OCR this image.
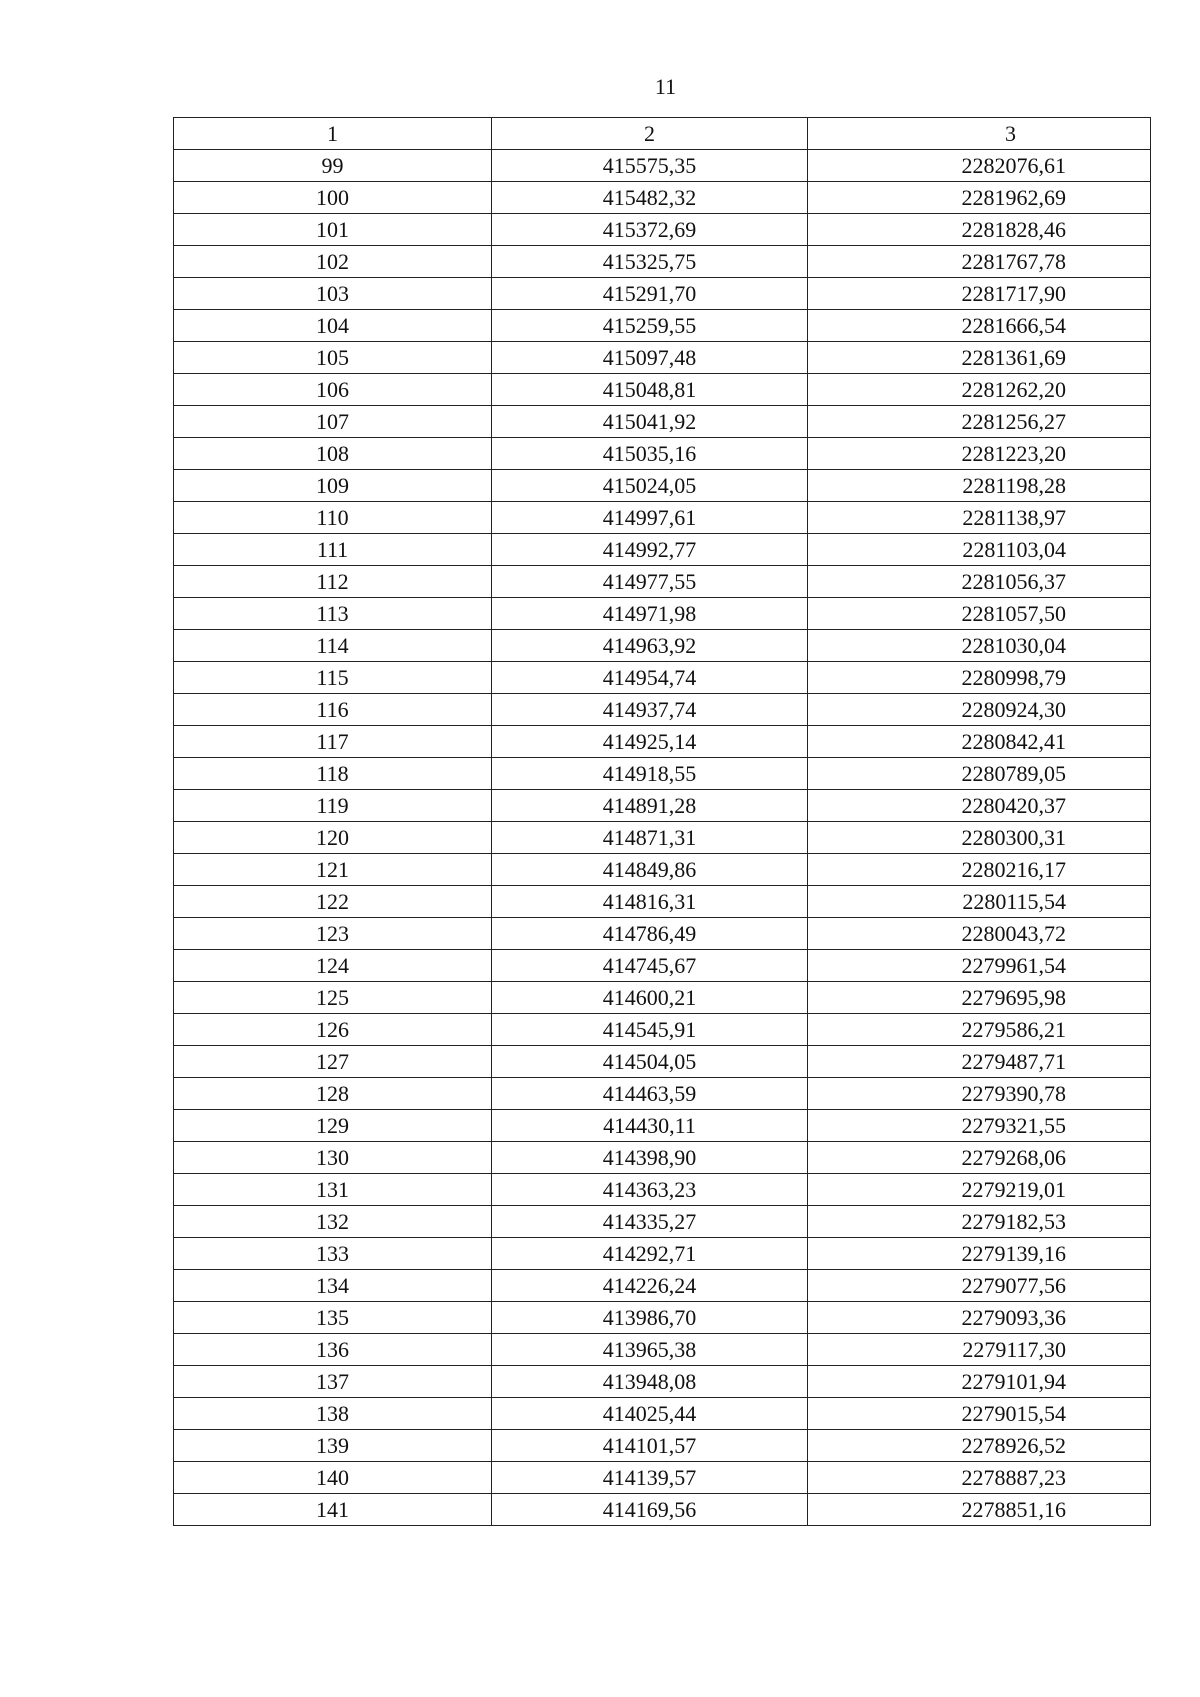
11
1	2	3
99	415575,35	2282076,61
100	415482,32	2281962,69
101	415372,69	2281828,46
102	415325,75	2281767,78
103	415291,70	2281717,90
104	415259,55	2281666,54
105	415097,48	2281361,69
106	415048,81	2281262,20
107	415041,92	2281256,27
108	415035,16	2281223,20
109	415024,05	2281198,28
110	414997,61	2281138,97
111	414992,77	2281103,04
112	414977,55	2281056,37
113	414971,98	2281057,50
114	414963,92	2281030,04
115	414954,74	2280998,79
116	414937,74	2280924,30
117	414925,14	2280842,41
118	414918,55	2280789,05
119	414891,28	2280420,37
120	414871,31	2280300,31
121	414849,86	2280216,17
122	414816,31	2280115,54
123	414786,49	2280043,72
124	414745,67	2279961,54
125	414600,21	2279695,98
126	414545,91	2279586,21
127	414504,05	2279487,71
128	414463,59	2279390,78
129	414430,11	2279321,55
130	414398,90	2279268,06
131	414363,23	2279219,01
132	414335,27	2279182,53
133	414292,71	2279139,16
134	414226,24	2279077,56
135	413986,70	2279093,36
136	413965,38	2279117,30
137	413948,08	2279101,94
138	414025,44	2279015,54
139	414101,57	2278926,52
140	414139,57	2278887,23
141	414169,56	2278851,16
